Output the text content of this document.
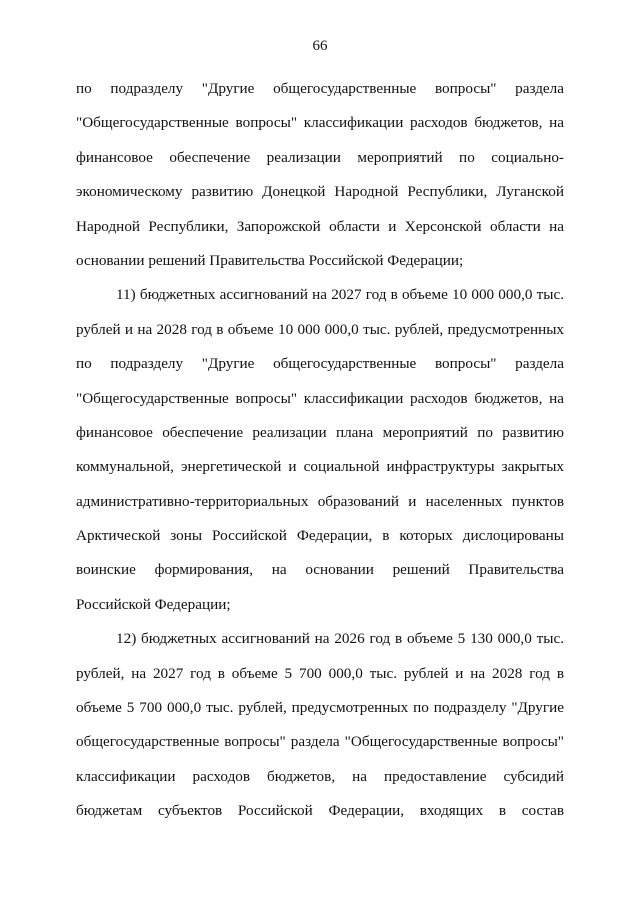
66
по подразделу "Другие общегосударственные вопросы" раздела
"Общегосударственные вопросы" классификации расходов бюджетов, на
финансовое обеспечение реализации мероприятий по социально-
экономическому развитию Донецкой Народной Республики, Луганской
Народной Республики, Запорожской области и Херсонской области на
основании решений Правительства Российской Федерации;
11) бюджетных ассигнований на 2027 год в объеме 10 000 000,0 тыс.
рублей и на 2028 год в объеме 10 000 000,0 тыс. рублей, предусмотренных
по подразделу "Другие общегосударственные вопросы" раздела
"Общегосударственные вопросы" классификации расходов бюджетов, на
финансовое обеспечение реализации плана мероприятий по развитию
коммунальной, энергетической и социальной инфраструктуры закрытых
административно-территориальных образований и населенных пунктов
Арктической зоны Российской Федерации, в которых дислоцированы
воинские формирования, на основании решений Правительства
Российской Федерации;
12) бюджетных ассигнований на 2026 год в объеме 5 130 000,0 тыс.
рублей, на 2027 год в объеме 5 700 000,0 тыс. рублей и на 2028 год в
объеме 5 700 000,0 тыс. рублей, предусмотренных по подразделу "Другие
общегосударственные вопросы" раздела "Общегосударственные вопросы"
классификации расходов бюджетов, на предоставление субсидий
бюджетам субъектов Российской Федерации, входящих в состав
